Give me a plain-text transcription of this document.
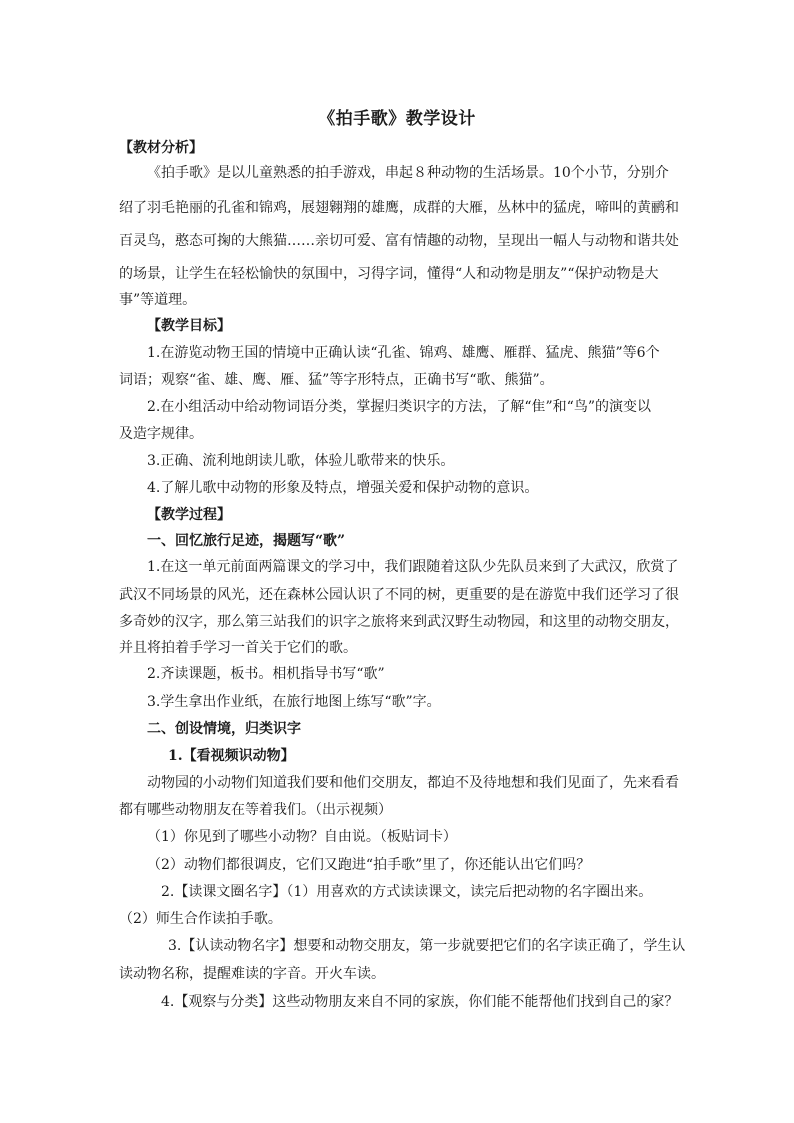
《拍手歌》教学设计
【教材分析】
《拍手歌》是以儿童熟悉的拍手游戏，串起８种动物的生活场景。10个小节，分别介
绍了羽毛艳丽的孔雀和锦鸡，展翅翱翔的雄鹰，成群的大雁，丛林中的猛虎，啼叫的黄鹂和
百灵鸟，憨态可掬的大熊猫……亲切可爱、富有情趣的动物，呈现出一幅人与动物和谐共处
的场景，让学生在轻松愉快的氛围中，习得字词，懂得“人和动物是朋友”“保护动物是大
事”等道理。
【教学目标】
1.在游览动物王国的情境中正确认读“孔雀、锦鸡、雄鹰、雁群、猛虎、熊猫”等6个
词语；观察“雀、雄、鹰、雁、猛”等字形特点，正确书写“歌、熊猫”。
2.在小组活动中给动物词语分类，掌握归类识字的方法，了解“隹”和“鸟”的演变以
及造字规律。
3.正确、流利地朗读儿歌，体验儿歌带来的快乐。
4.了解儿歌中动物的形象及特点，增强关爱和保护动物的意识。
【教学过程】
一、回忆旅行足迹，揭题写“歌”
1.在这一单元前面两篇课文的学习中，我们跟随着这队少先队员来到了大武汉，欣赏了
武汉不同场景的风光，还在森林公园认识了不同的树，更重要的是在游览中我们还学习了很
多奇妙的汉字，那么第三站我们的识字之旅将来到武汉野生动物园，和这里的动物交朋友，
并且将拍着手学习一首关于它们的歌。
2.齐读课题，板书。相机指导书写“歌”
3.学生拿出作业纸，在旅行地图上练写“歌”字。
二、创设情境，归类识字
1.【看视频识动物】
动物园的小动物们知道我们要和他们交朋友，都迫不及待地想和我们见面了，先来看看
都有哪些动物朋友在等着我们。（出示视频）
（1）你见到了哪些小动物？自由说。（板贴词卡）
（2）动物们都很调皮，它们又跑进“拍手歌”里了，你还能认出它们吗？
2.【读课文圈名字】（1）用喜欢的方式读读课文，读完后把动物的名字圈出来。
（2）师生合作读拍手歌。
3.【认读动物名字】想要和动物交朋友，第一步就要把它们的名字读正确了，学生认
读动物名称，提醒难读的字音。开火车读。
4.【观察与分类】这些动物朋友来自不同的家族，你们能不能帮他们找到自己的家？
